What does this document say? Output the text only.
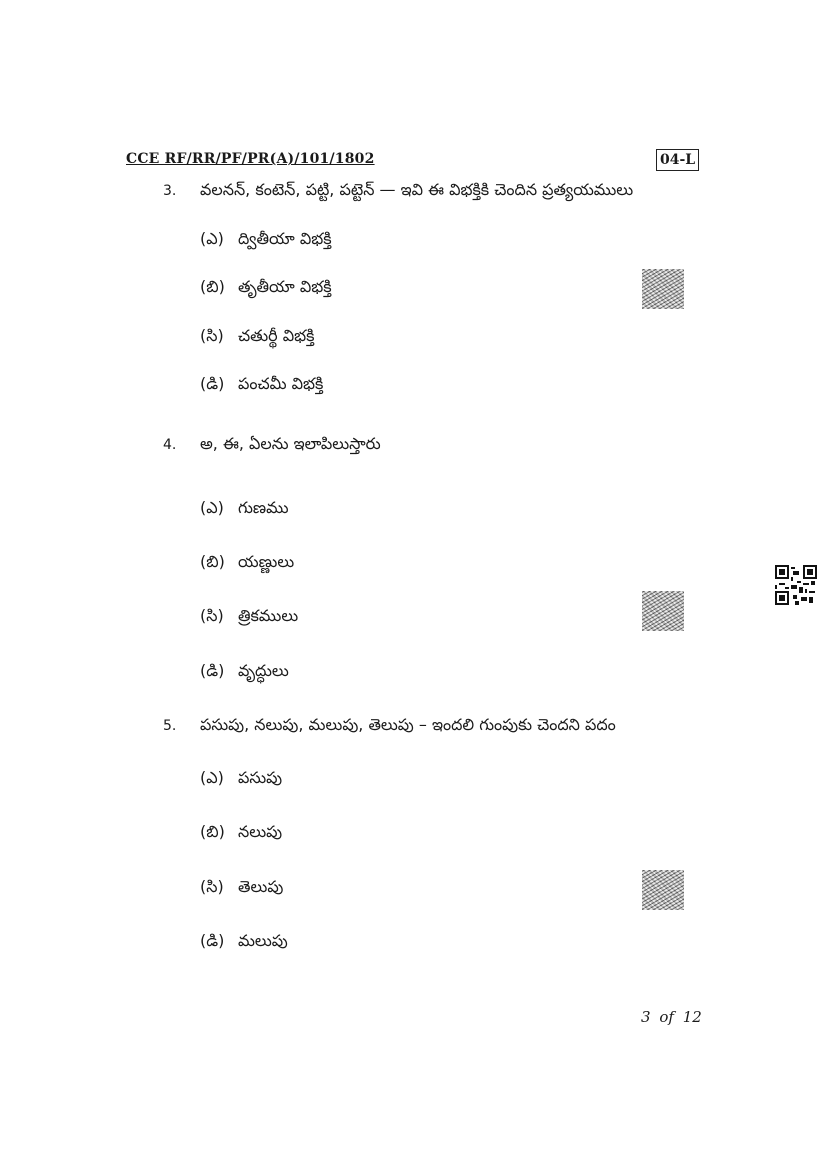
CCE RF/RR/PF/PR(A)/101/1802	04-L
3. వలనన్, కంటెన్, పట్టి, పట్టెన్ — ఇవి ఈ విభక్తికి చెందిన ప్రత్యయములు
(ఎ) ద్వితీయా విభక్తి
(బి) తృతీయా విభక్తి
(సి) చతుర్థీ విభక్తి
(డి) పంచమీ విభక్తి
4. అ, ఈ, ఏలను ఇలాపిలుస్తారు
(ఎ) గుణము
(బి) యణ్ణులు
(సి) త్రికములు
(డి) వృద్ధులు
5. పసుపు, నలుపు, మలుపు, తెలుపు – ఇందలి గుంపుకు చెందని పదం
(ఎ) పసుపు
(బి) నలుపు
(సి) తెలుపు
(డి) మలుపు
3 of 12
